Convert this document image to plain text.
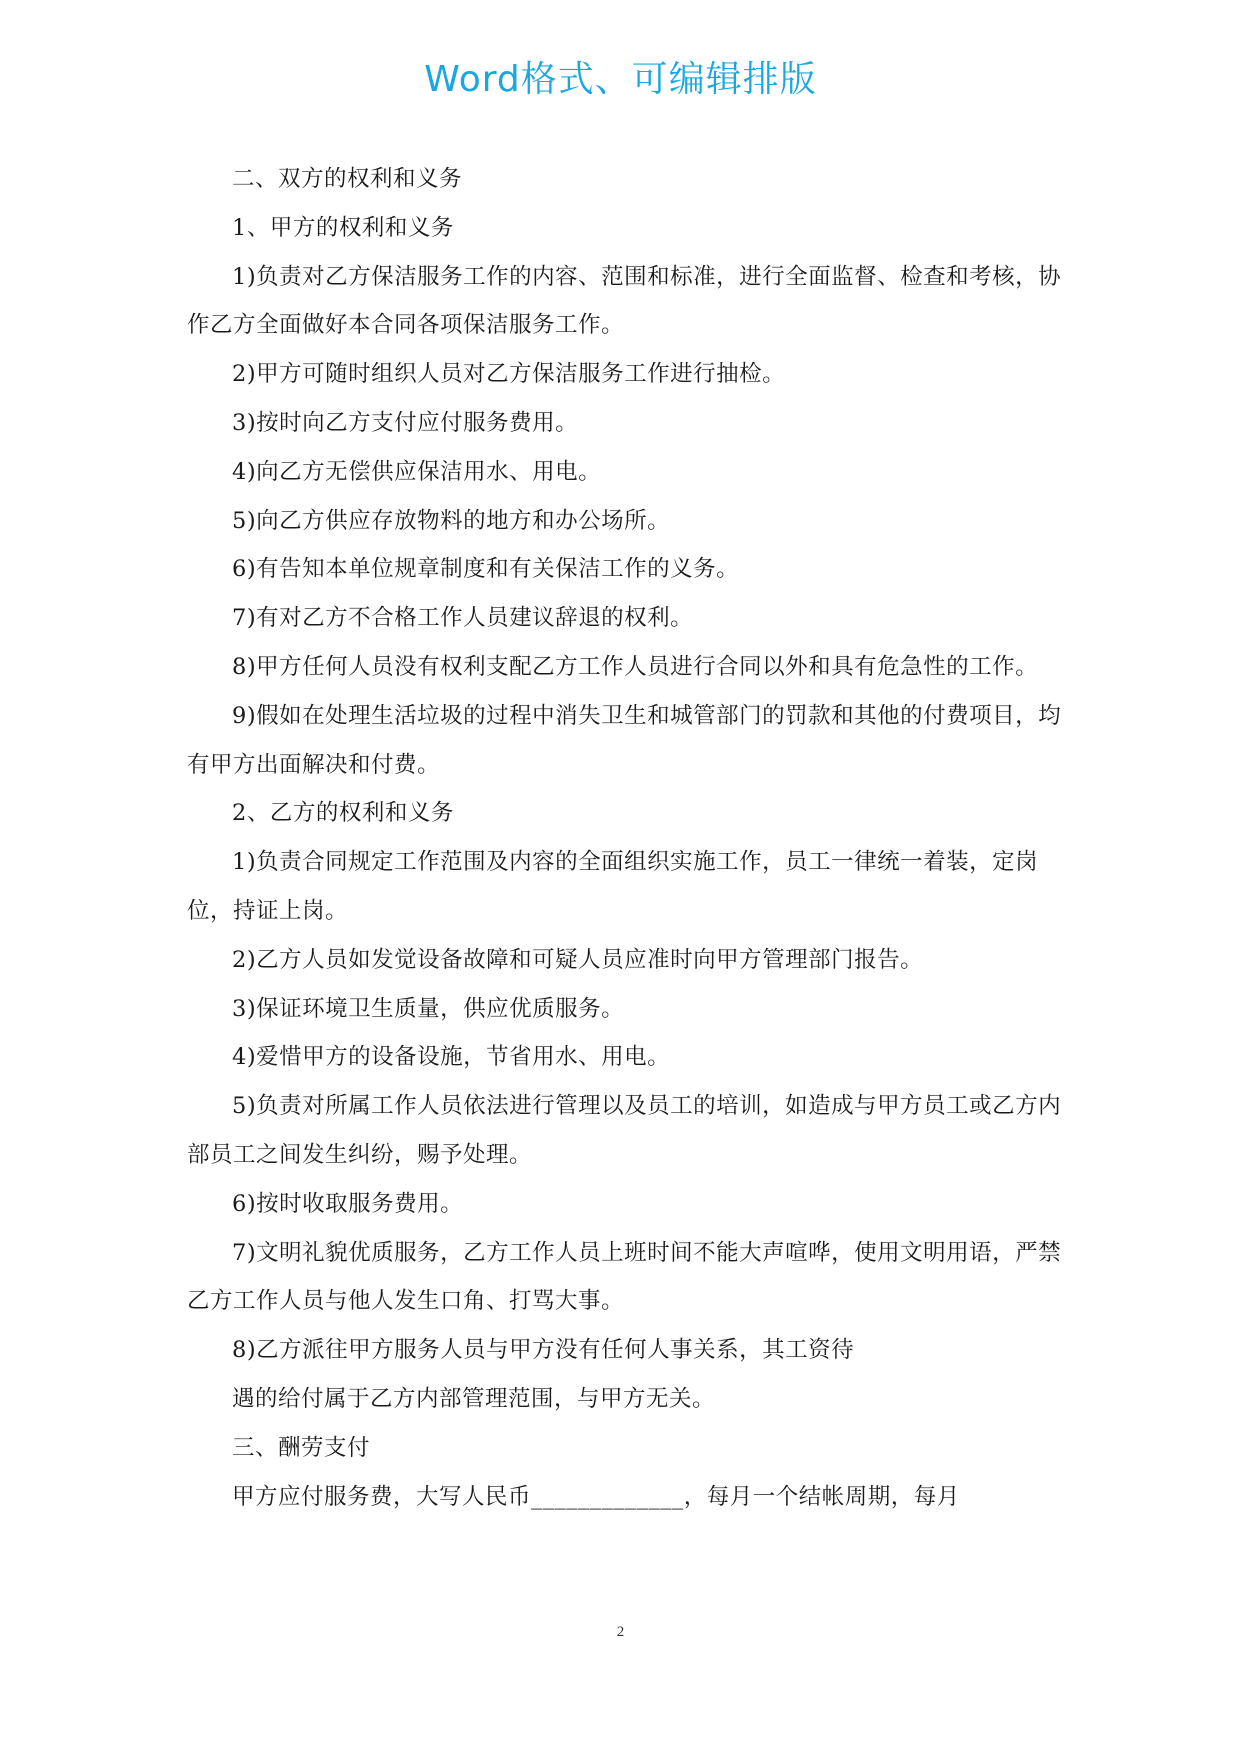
Word格式、可编辑排版

二、双方的权利和义务

1、甲方的权利和义务

1)负责对乙方保洁服务工作的内容、范围和标准，进行全面监督、检查和考核，协作乙方全面做好本合同各项保洁服务工作。

2)甲方可随时组织人员对乙方保洁服务工作进行抽检。

3)按时向乙方支付应付服务费用。

4)向乙方无偿供应保洁用水、用电。

5)向乙方供应存放物料的地方和办公场所。

6)有告知本单位规章制度和有关保洁工作的义务。

7)有对乙方不合格工作人员建议辞退的权利。

8)甲方任何人员没有权利支配乙方工作人员进行合同以外和具有危急性的工作。

9)假如在处理生活垃圾的过程中消失卫生和城管部门的罚款和其他的付费项目，均有甲方出面解决和付费。

2、乙方的权利和义务

1)负责合同规定工作范围及内容的全面组织实施工作，员工一律统一着装，定岗位，持证上岗。

2)乙方人员如发觉设备故障和可疑人员应准时向甲方管理部门报告。

3)保证环境卫生质量，供应优质服务。

4)爱惜甲方的设备设施，节省用水、用电。

5)负责对所属工作人员依法进行管理以及员工的培训，如造成与甲方员工或乙方内部员工之间发生纠纷，赐予处理。

6)按时收取服务费用。

7)文明礼貌优质服务，乙方工作人员上班时间不能大声喧哗，使用文明用语，严禁乙方工作人员与他人发生口角、打骂大事。

8)乙方派往甲方服务人员与甲方没有任何人事关系，其工资待

遇的给付属于乙方内部管理范围，与甲方无关。

三、酬劳支付

甲方应付服务费，大写人民币_____________，每月一个结帐周期，每月

2
